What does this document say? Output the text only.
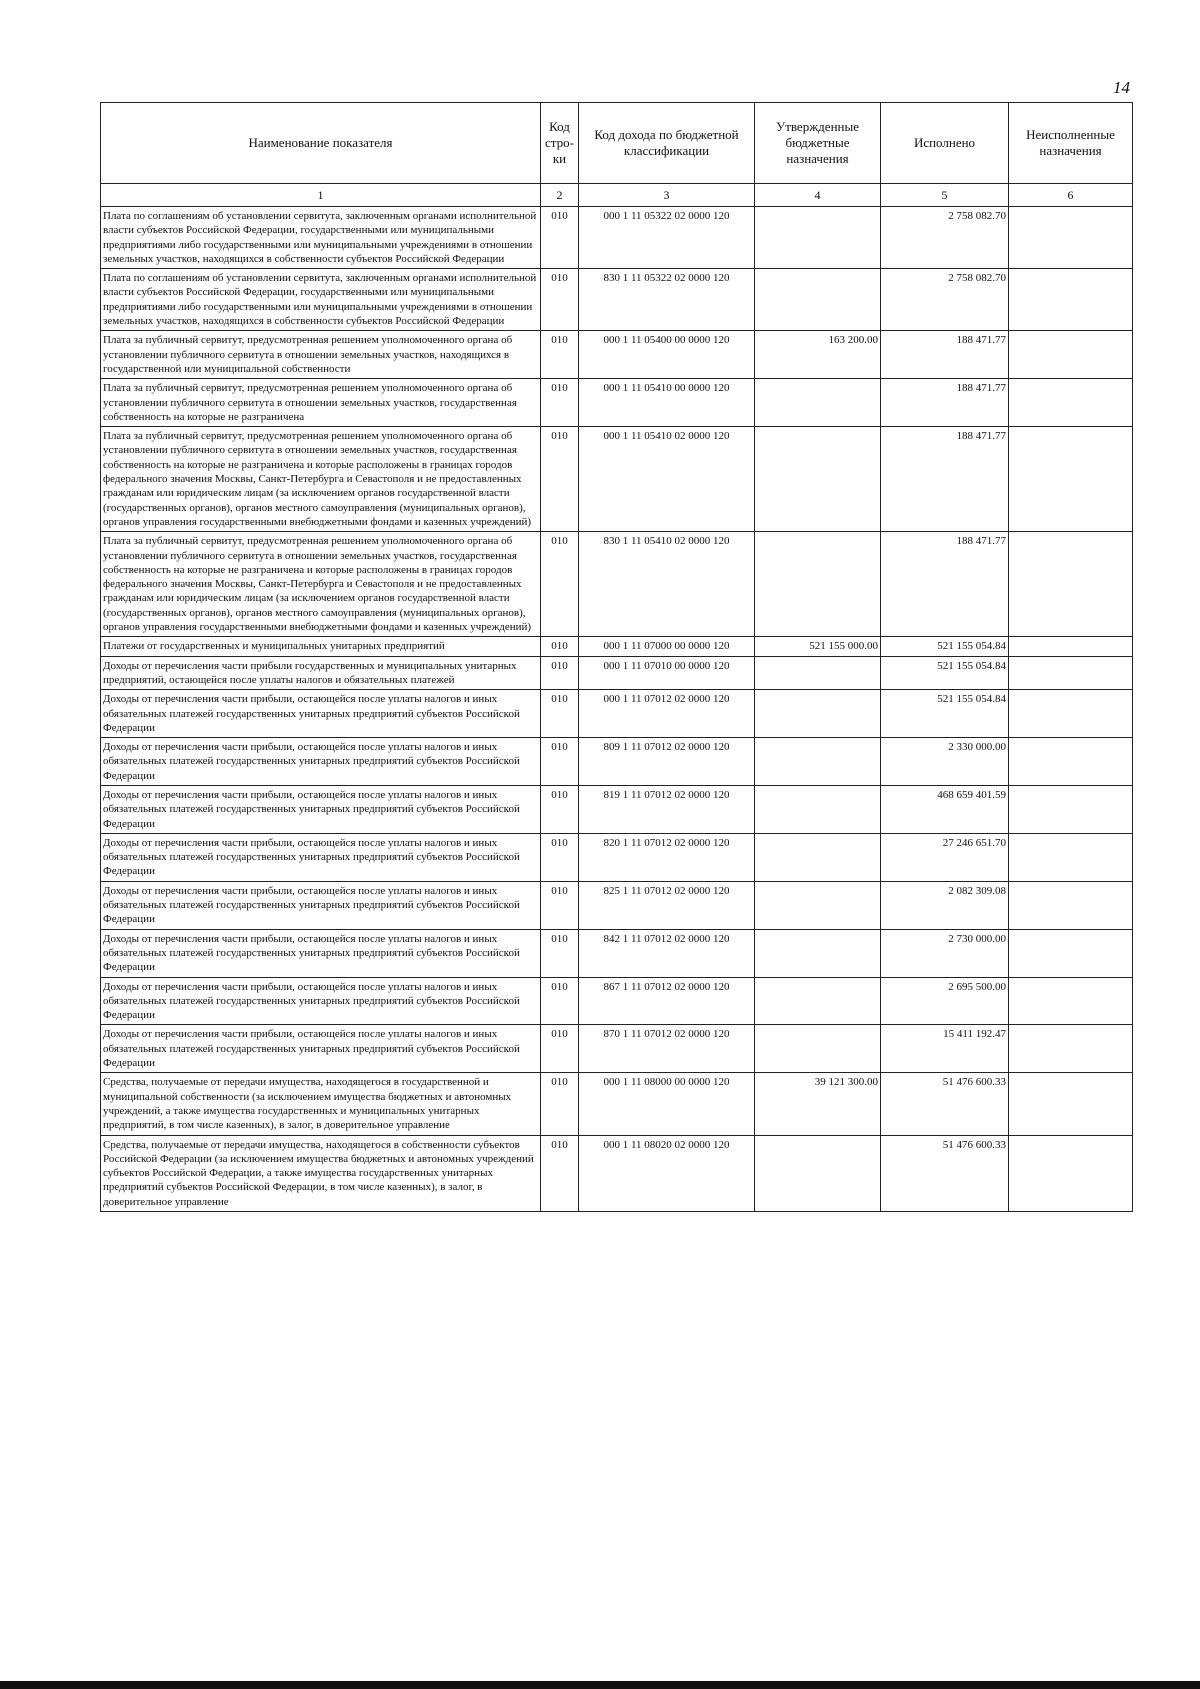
14
Наименование показателя	Код стро-ки	Код дохода по бюджетной классификации	Утвержденные бюджетные назначения	Исполнено	Неисполненные назначения
1	2	3	4	5	6
Плата по соглашениям об установлении сервитута, заключенным органами исполнительной власти субъектов Российской Федерации, государственными или муниципальными предприятиями либо государственными или муниципальными учреждениями в отношении земельных участков, находящихся в собственности субъектов Российской Федерации	010	000 1 11 05322 02 0000 120		2 758 082.70	
Плата по соглашениям об установлении сервитута, заключенным органами исполнительной власти субъектов Российской Федерации, государственными или муниципальными предприятиями либо государственными или муниципальными учреждениями в отношении земельных участков, находящихся в собственности субъектов Российской Федерации	010	830 1 11 05322 02 0000 120		2 758 082.70	
Плата за публичный сервитут, предусмотренная решением уполномоченного органа об установлении публичного сервитута в отношении земельных участков, находящихся в государственной или муниципальной собственности	010	000 1 11 05400 00 0000 120	163 200.00	188 471.77	
Плата за публичный сервитут, предусмотренная решением уполномоченного органа об установлении публичного сервитута в отношении земельных участков, государственная собственность на которые не разграничена	010	000 1 11 05410 00 0000 120		188 471.77	
Плата за публичный сервитут, предусмотренная решением уполномоченного органа об установлении публичного сервитута в отношении земельных участков, государственная собственность на которые не разграничена и которые расположены в границах городов федерального значения Москвы, Санкт-Петербурга и Севастополя и не предоставленных гражданам или юридическим лицам (за исключением органов государственной власти (государственных органов), органов местного самоуправления (муниципальных органов), органов управления государственными внебюджетными фондами и казенных учреждений)	010	000 1 11 05410 02 0000 120		188 471.77	
Плата за публичный сервитут, предусмотренная решением уполномоченного органа об установлении публичного сервитута в отношении земельных участков, государственная собственность на которые не разграничена и которые расположены в границах городов федерального значения Москвы, Санкт-Петербурга и Севастополя и не предоставленных гражданам или юридическим лицам (за исключением органов государственной власти (государственных органов), органов местного самоуправления (муниципальных органов), органов управления государственными внебюджетными фондами и казенных учреждений)	010	830 1 11 05410 02 0000 120		188 471.77	
Платежи от государственных и муниципальных унитарных предприятий	010	000 1 11 07000 00 0000 120	521 155 000.00	521 155 054.84	
Доходы от перечисления части прибыли государственных и муниципальных унитарных предприятий, остающейся после уплаты налогов и обязательных платежей	010	000 1 11 07010 00 0000 120		521 155 054.84	
Доходы от перечисления части прибыли, остающейся после уплаты налогов и иных обязательных платежей государственных унитарных предприятий субъектов Российской Федерации	010	000 1 11 07012 02 0000 120		521 155 054.84	
Доходы от перечисления части прибыли, остающейся после уплаты налогов и иных обязательных платежей государственных унитарных предприятий субъектов Российской Федерации	010	809 1 11 07012 02 0000 120		2 330 000.00	
Доходы от перечисления части прибыли, остающейся после уплаты налогов и иных обязательных платежей государственных унитарных предприятий субъектов Российской Федерации	010	819 1 11 07012 02 0000 120		468 659 401.59	
Доходы от перечисления части прибыли, остающейся после уплаты налогов и иных обязательных платежей государственных унитарных предприятий субъектов Российской Федерации	010	820 1 11 07012 02 0000 120		27 246 651.70	
Доходы от перечисления части прибыли, остающейся после уплаты налогов и иных обязательных платежей государственных унитарных предприятий субъектов Российской Федерации	010	825 1 11 07012 02 0000 120		2 082 309.08	
Доходы от перечисления части прибыли, остающейся после уплаты налогов и иных обязательных платежей государственных унитарных предприятий субъектов Российской Федерации	010	842 1 11 07012 02 0000 120		2 730 000.00	
Доходы от перечисления части прибыли, остающейся после уплаты налогов и иных обязательных платежей государственных унитарных предприятий субъектов Российской Федерации	010	867 1 11 07012 02 0000 120		2 695 500.00	
Доходы от перечисления части прибыли, остающейся после уплаты налогов и иных обязательных платежей государственных унитарных предприятий субъектов Российской Федерации	010	870 1 11 07012 02 0000 120		15 411 192.47	
Средства, получаемые от передачи имущества, находящегося в государственной и муниципальной собственности (за исключением имущества бюджетных и автономных учреждений, а также имущества государственных и муниципальных унитарных предприятий, в том числе казенных), в залог, в доверительное управление	010	000 1 11 08000 00 0000 120	39 121 300.00	51 476 600.33	
Средства, получаемые от передачи имущества, находящегося в собственности субъектов Российской Федерации (за исключением имущества бюджетных и автономных учреждений субъектов Российской Федерации, а также имущества государственных унитарных предприятий субъектов Российской Федерации, в том числе казенных), в залог, в доверительное управление	010	000 1 11 08020 02 0000 120		51 476 600.33	
